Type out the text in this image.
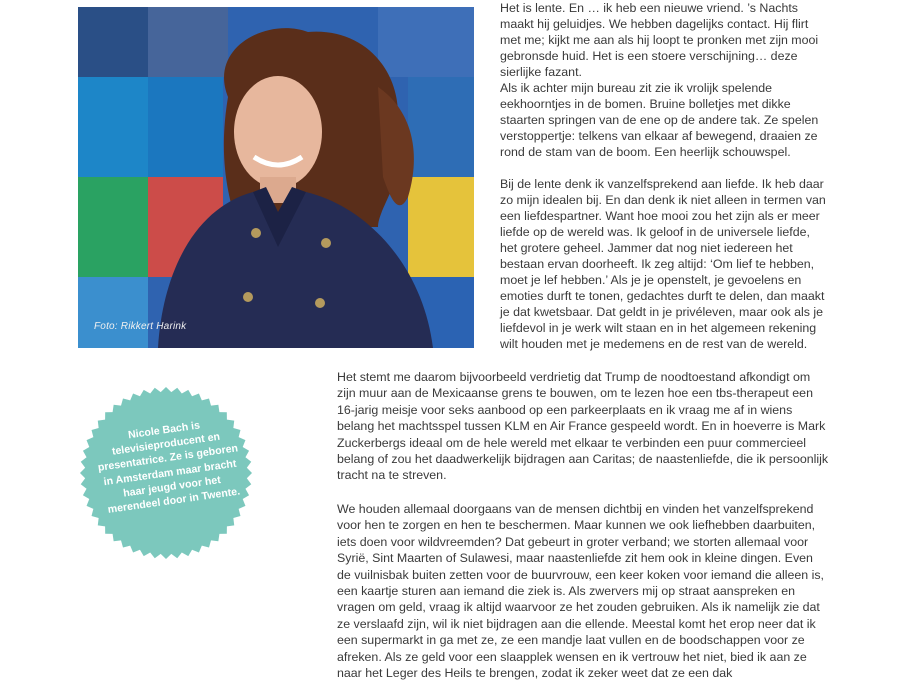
Foto: Rikkert Harink

Het is lente. En … ik heb een nieuwe vriend. ’s Nachts maakt hij geluidjes. We hebben dagelijks contact. Hij flirt met me; kijkt me aan als hij loopt te pronken met zijn mooi gebronsde huid. Het is een stoere verschijning… deze sierlijke fazant.

Als ik achter mijn bureau zit zie ik vrolijk spelende eekhoorntjes in de bomen. Bruine bolletjes met dikke staarten springen van de ene op de andere tak. Ze spelen verstoppertje: telkens van elkaar af bewegend, draaien ze rond de stam van de boom. Een heerlijk schouwspel.

Bij de lente denk ik vanzelfsprekend aan liefde. Ik heb daar zo mijn idealen bij. En dan denk ik niet alleen in termen van een liefdespartner. Want hoe mooi zou het zijn als er meer liefde op de wereld was. Ik geloof in de universele liefde, het grotere geheel. Jammer dat nog niet iedereen het bestaan ervan doorheeft. Ik zeg altijd: ‘Om lief te hebben, moet je lef hebben.’ Als je je openstelt, je gevoelens en emoties durft te tonen, gedachtes durft te delen, dan maakt je dat kwetsbaar. Dat geldt in je privéleven, maar ook als je liefdevol in je werk wilt staan en in het algemeen rekening wilt houden met je medemens en de rest van de wereld.

Het stemt me daarom bijvoorbeeld verdrietig dat Trump de noodtoestand afkondigt om zijn muur aan de Mexicaanse grens te bouwen, om te lezen hoe een tbs-therapeut een 16-jarig meisje voor seks aanbood op een parkeerplaats en ik vraag me af in wiens belang het machtsspel tussen KLM en Air France gespeeld wordt. En in hoeverre is Mark Zuckerbergs ideaal om de hele wereld met elkaar te verbinden een puur commercieel belang of zou het daadwerkelijk bijdragen aan Caritas; de naastenliefde, die ik persoonlijk tracht na te streven.

We houden allemaal doorgaans van de mensen dichtbij en vinden het vanzelfsprekend voor hen te zorgen en hen te beschermen. Maar kunnen we ook liefhebben daarbuiten, iets doen voor wildvreemden? Dat gebeurt in groter verband; we storten allemaal voor Syrië, Sint Maarten of Sulawesi, maar naastenliefde zit hem ook in kleine dingen. Even de vuilnisbak buiten zetten voor de buurvrouw, een keer koken voor iemand die alleen is, een kaartje sturen aan iemand die ziek is. Als zwervers mij op straat aanspreken en vragen om geld, vraag ik altijd waarvoor ze het zouden gebruiken. Als ik namelijk zie dat ze verslaafd zijn, wil ik niet bijdragen aan die ellende. Meestal komt het erop neer dat ik een supermarkt in ga met ze, ze een mandje laat vullen en de boodschappen voor ze afreken. Als ze geld voor een slaapplek wensen en ik vertrouw het niet, bied ik aan ze naar het Leger des Heils te brengen, zodat ik zeker weet dat ze een dak

Nicole Bach is televisieproducent en presentatrice. Ze is geboren in Amsterdam maar bracht haar jeugd voor het merendeel door in Twente.
